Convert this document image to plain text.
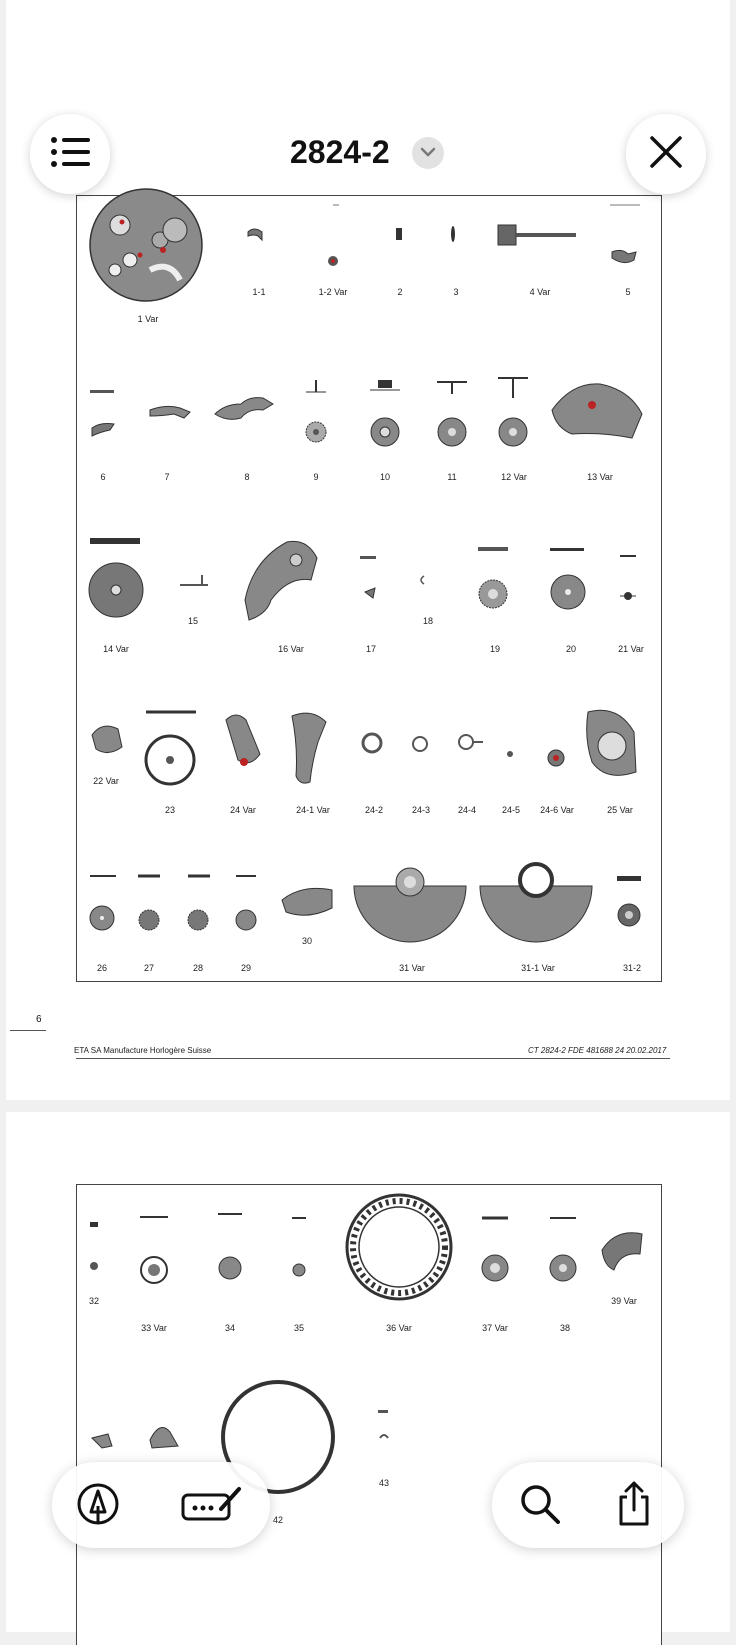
6
ETA SA Manufacture Horlogère Suisse	CT 2824-2 FDE 481688 24 20.02.2017
1 Var
1-1	1-2 Var	2	3	4 Var	5
6	7	8	9	10	11	12 Var	13 Var
14 Var
15
16 Var	17
18
19	20	21 Var
22 Var
23	24 Var	24-1 Var	24-2	24-3	24-4	24-5 24-6 Var	25 Var
26	27	28	29
30
31 Var	31-1 Var	31-2
32
33 Var	34	35	36 Var	37 Var	38
39 Var
42
43
2824-2
